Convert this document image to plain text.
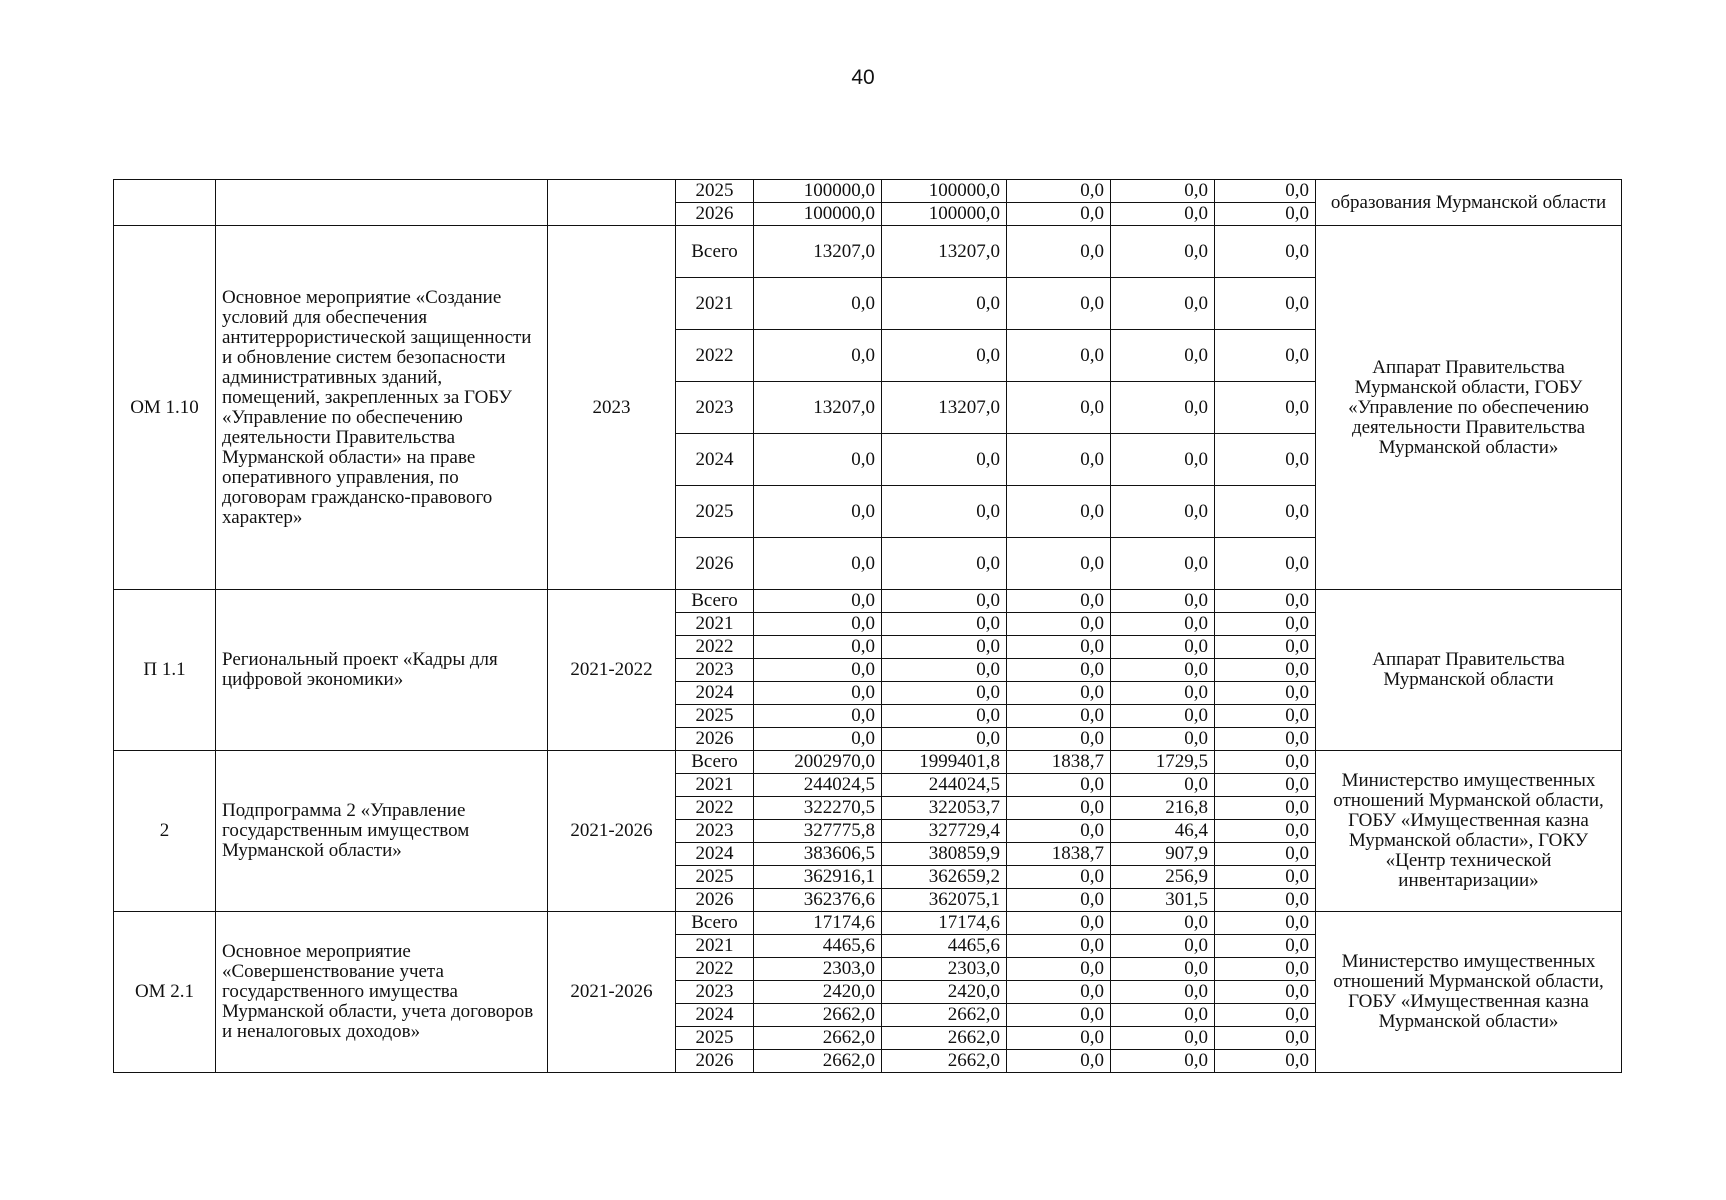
40
			2025	100000,0	100000,0	0,0	0,0	0,0	образования Мурманской области
			2026	100000,0	100000,0	0,0	0,0	0,0	
ОМ 1.10	Основное мероприятие «Создание условий для обеспечения антитеррористической защищенности и обновление систем безопасности административных зданий, помещений, закрепленных за ГОБУ «Управление по обеспечению деятельности Правительства Мурманской области» на праве оперативного управления, по договорам гражданско-правового характер»	2023	Всего	13207,0	13207,0	0,0	0,0	0,0	Аппарат Правительства Мурманской области, ГОБУ «Управление по обеспечению деятельности Правительства Мурманской области»
			2021	0,0	0,0	0,0	0,0	0,0	
			2022	0,0	0,0	0,0	0,0	0,0	
			2023	13207,0	13207,0	0,0	0,0	0,0	
			2024	0,0	0,0	0,0	0,0	0,0	
			2025	0,0	0,0	0,0	0,0	0,0	
			2026	0,0	0,0	0,0	0,0	0,0	
П 1.1	Региональный проект «Кадры для цифровой экономики»	2021-2022	Всего	0,0	0,0	0,0	0,0	0,0	Аппарат Правительства Мурманской области
			2021	0,0	0,0	0,0	0,0	0,0	
			2022	0,0	0,0	0,0	0,0	0,0	
			2023	0,0	0,0	0,0	0,0	0,0	
			2024	0,0	0,0	0,0	0,0	0,0	
			2025	0,0	0,0	0,0	0,0	0,0	
			2026	0,0	0,0	0,0	0,0	0,0	
2	Подпрограмма 2 «Управление государственным имуществом Мурманской области»	2021-2026	Всего	2002970,0	1999401,8	1838,7	1729,5	0,0	Министерство имущественных отношений Мурманской области, ГОБУ «Имущественная казна Мурманской области», ГОКУ «Центр технической инвентаризации»
			2021	244024,5	244024,5	0,0	0,0	0,0	
			2022	322270,5	322053,7	0,0	216,8	0,0	
			2023	327775,8	327729,4	0,0	46,4	0,0	
			2024	383606,5	380859,9	1838,7	907,9	0,0	
			2025	362916,1	362659,2	0,0	256,9	0,0	
			2026	362376,6	362075,1	0,0	301,5	0,0	
ОМ 2.1	Основное мероприятие «Совершенствование учета государственного имущества Мурманской области, учета договоров и неналоговых доходов»	2021-2026	Всего	17174,6	17174,6	0,0	0,0	0,0	Министерство имущественных отношений Мурманской области, ГОБУ «Имущественная казна Мурманской области»
			2021	4465,6	4465,6	0,0	0,0	0,0	
			2022	2303,0	2303,0	0,0	0,0	0,0	
			2023	2420,0	2420,0	0,0	0,0	0,0	
			2024	2662,0	2662,0	0,0	0,0	0,0	
			2025	2662,0	2662,0	0,0	0,0	0,0	
			2026	2662,0	2662,0	0,0	0,0	0,0	
